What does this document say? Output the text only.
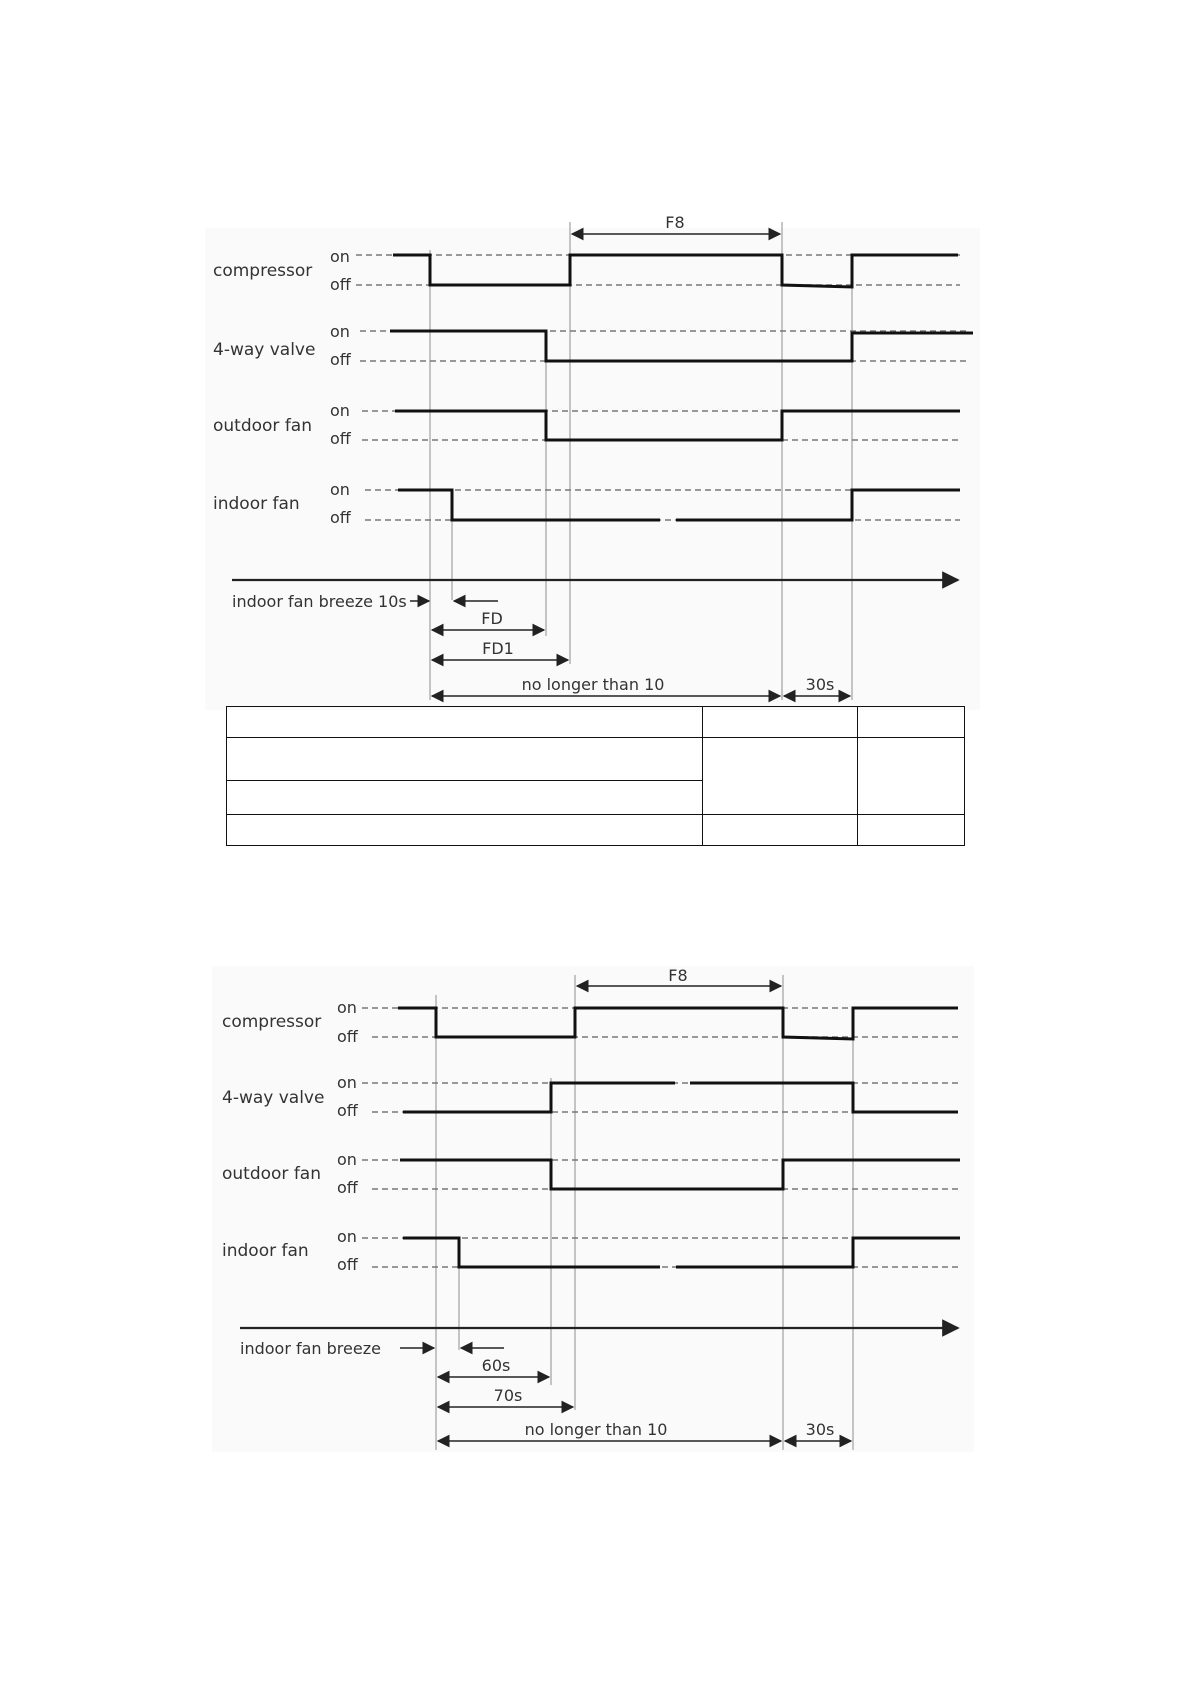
compressor
4-way valve
outdoor fan
indoor fan
on
off
on
off
on
off
on
off
F8
indoor fan breeze 10s
FD
FD1
no longer than 10	30s
compressor
4-way valve
outdoor fan
indoor fan
on
off
on
off
on
off
on
off
F8
indoor fan breeze
60s
70s
no longer than 10	30s
